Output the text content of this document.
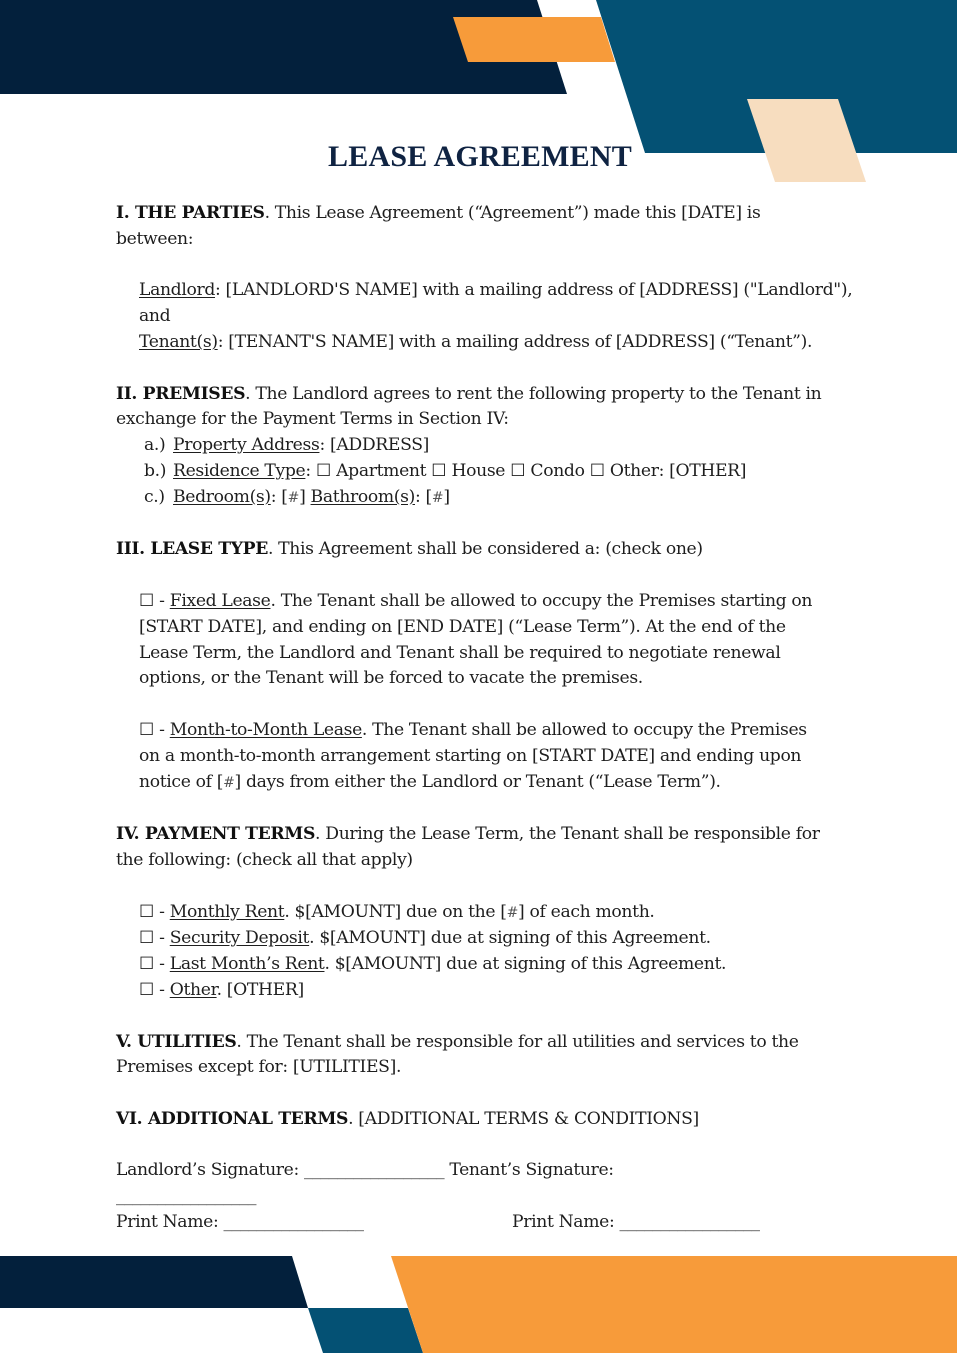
LEASE AGREEMENT

I. THE PARTIES. This Lease Agreement (“Agreement”) made this [DATE] is

between:

Landlord: [LANDLORD'S NAME] with a mailing address of [ADDRESS] ("Landlord"),

and

Tenant(s): [TENANT'S NAME] with a mailing address of [ADDRESS] (“Tenant”).

II. PREMISES. The Landlord agrees to rent the following property to the Tenant in

exchange for the Payment Terms in Section IV:

a.) Property Address: [ADDRESS]
b.) Residence Type: ☐ Apartment ☐ House ☐ Condo ☐ Other: [OTHER]
c.) Bedroom(s): [#] Bathroom(s): [#]

III. LEASE TYPE. This Agreement shall be considered a: (check one)

☐ - Fixed Lease. The Tenant shall be allowed to occupy the Premises starting on

[START DATE], and ending on [END DATE] (“Lease Term”). At the end of the

Lease Term, the Landlord and Tenant shall be required to negotiate renewal

options, or the Tenant will be forced to vacate the premises.

☐ - Month-to-Month Lease. The Tenant shall be allowed to occupy the Premises

on a month-to-month arrangement starting on [START DATE] and ending upon

notice of [#] days from either the Landlord or Tenant (“Lease Term”).

IV. PAYMENT TERMS. During the Lease Term, the Tenant shall be responsible for

the following: (check all that apply)

☐ - Monthly Rent. $[AMOUNT] due on the [#] of each month.

☐ - Security Deposit. $[AMOUNT] due at signing of this Agreement.

☐ - Last Month’s Rent. $[AMOUNT] due at signing of this Agreement.

☐ - Other. [OTHER]

V. UTILITIES. The Tenant shall be responsible for all utilities and services to the

Premises except for: [UTILITIES].

VI. ADDITIONAL TERMS. [ADDITIONAL TERMS & CONDITIONS]

Landlord’s Signature: _________________ Tenant’s Signature:

_________________

Print Name: _________________	Print Name: _________________
